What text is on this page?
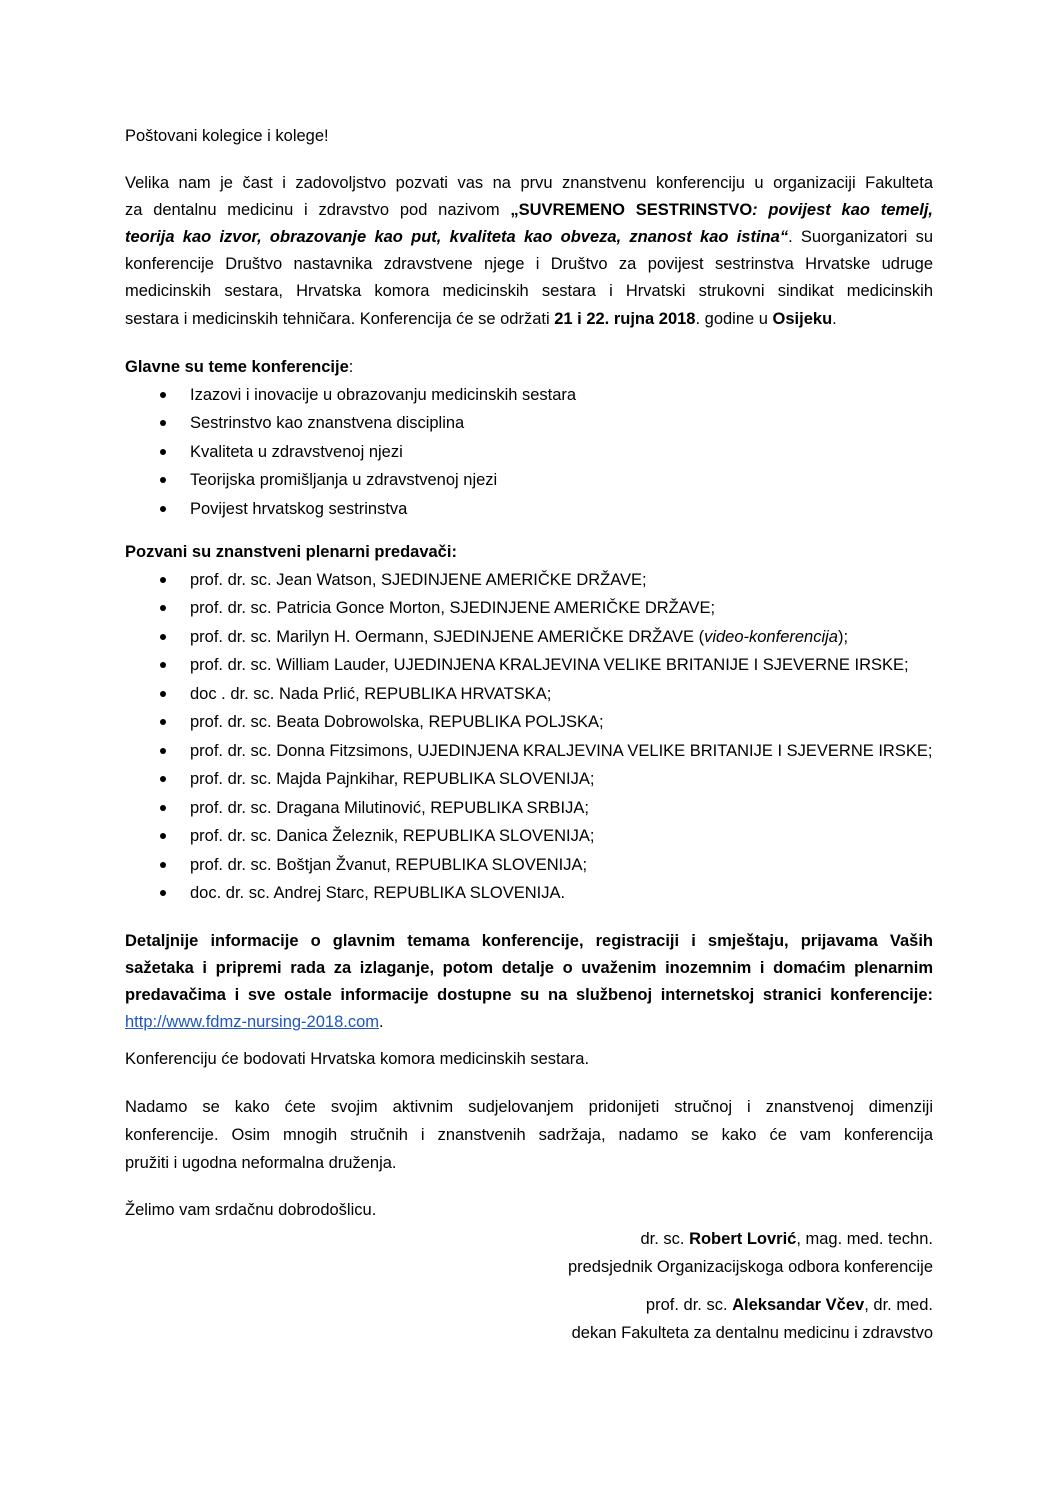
Poštovani kolegice i kolege!
Velika nam je čast i zadovoljstvo pozvati vas na prvu znanstvenu konferenciju u organizaciji Fakulteta
za dentalnu medicinu i zdravstvo pod nazivom „SUVREMENO SESTRINSTVO: povijest kao temelj,
teorija kao izvor, obrazovanje kao put, kvaliteta kao obveza, znanost kao istina“. Suorganizatori su
konferencije Društvo nastavnika zdravstvene njege i Društvo za povijest sestrinstva Hrvatske udruge
medicinskih sestara, Hrvatska komora medicinskih sestara i Hrvatski strukovni sindikat medicinskih
sestara i medicinskih tehničara. Konferencija će se održati 21 i 22. rujna 2018. godine u Osijeku.
Glavne su teme konferencije:
Izazovi i inovacije u obrazovanju medicinskih sestara
Sestrinstvo kao znanstvena disciplina
Kvaliteta u zdravstvenoj njezi
Teorijska promišljanja u zdravstvenoj njezi
Povijest hrvatskog sestrinstva
Pozvani su znanstveni plenarni predavači:
prof. dr. sc. Jean Watson, SJEDINJENE AMERIČKE DRŽAVE;
prof. dr. sc. Patricia Gonce Morton, SJEDINJENE AMERIČKE DRŽAVE;
prof. dr. sc. Marilyn H. Oermann, SJEDINJENE AMERIČKE DRŽAVE (video-konferencija);
prof. dr. sc. William Lauder, UJEDINJENA KRALJEVINA VELIKE BRITANIJE I SJEVERNE IRSKE;
doc . dr. sc. Nada Prlić, REPUBLIKA HRVATSKA;
prof. dr. sc. Beata Dobrowolska, REPUBLIKA POLJSKA;
prof. dr. sc. Donna Fitzsimons, UJEDINJENA KRALJEVINA VELIKE BRITANIJE I SJEVERNE IRSKE;
prof. dr. sc. Majda Pajnkihar, REPUBLIKA SLOVENIJA;
prof. dr. sc. Dragana Milutinović, REPUBLIKA SRBIJA;
prof. dr. sc. Danica Železnik, REPUBLIKA SLOVENIJA;
prof. dr. sc. Boštjan Žvanut, REPUBLIKA SLOVENIJA;
doc. dr. sc. Andrej Starc, REPUBLIKA SLOVENIJA.
Detaljnije informacije o glavnim temama konferencije, registraciji i smještaju, prijavama Vaših
sažetaka i pripremi rada za izlaganje, potom detalje o uvaženim inozemnim i domaćim plenarnim
predavačima i sve ostale informacije dostupne su na službenoj internetskoj stranici konferencije:
http://www.fdmz-nursing-2018.com.
Konferenciju će bodovati Hrvatska komora medicinskih sestara.
Nadamo se kako ćete svojim aktivnim sudjelovanjem pridonijeti stručnoj i znanstvenoj dimenziji
konferencije. Osim mnogih stručnih i znanstvenih sadržaja, nadamo se kako će vam konferencija
pružiti i ugodna neformalna druženja.
Želimo vam srdačnu dobrodošlicu.
dr. sc. Robert Lovrić, mag. med. techn.
predsjednik Organizacijskoga odbora konferencije
prof. dr. sc. Aleksandar Včev, dr. med.
dekan Fakulteta za dentalnu medicinu i zdravstvo
